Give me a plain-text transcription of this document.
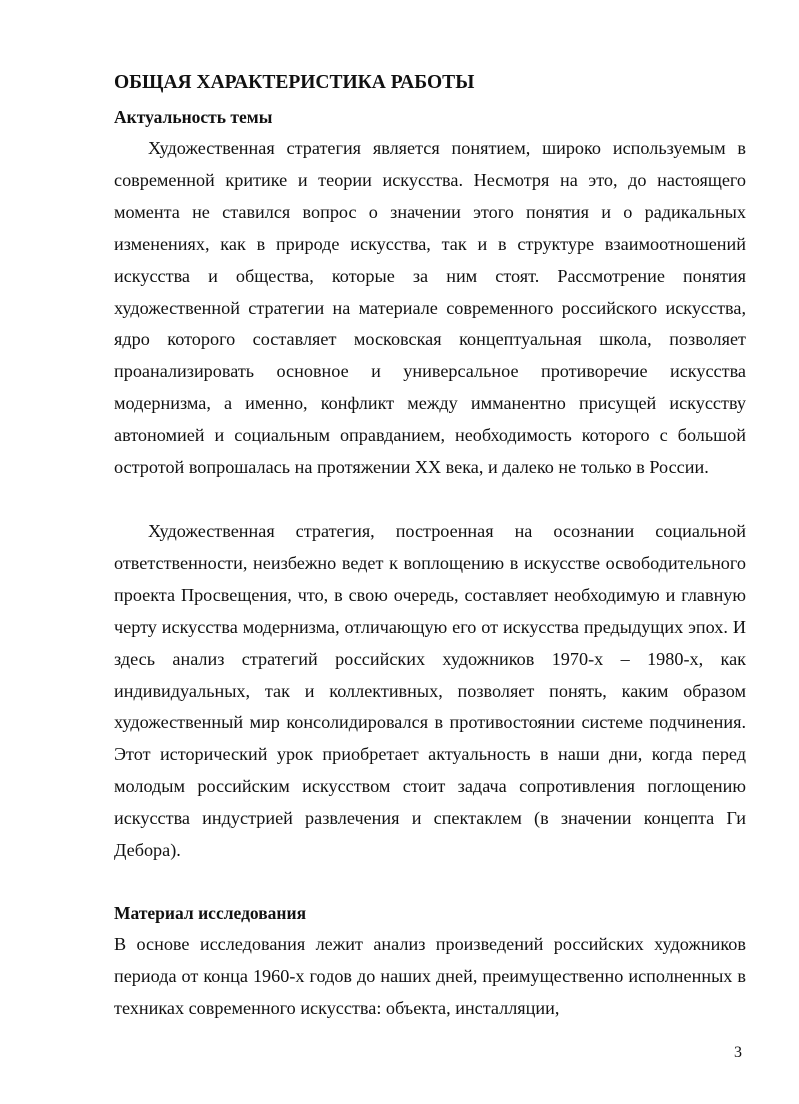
ОБЩАЯ ХАРАКТЕРИСТИКА РАБОТЫ
Актуальность темы

Художественная стратегия является понятием, широко используемым в современной критике и теории искусства. Несмотря на это, до настоящего момента не ставился вопрос о значении этого понятия и о радикальных изменениях, как в природе искусства, так и в структуре взаимоотношений искусства и общества, которые за ним стоят. Рассмотрение понятия художественной стратегии на материале современного российского искусства, ядро которого составляет московская концептуальная школа, позволяет проанализировать основное и универсальное противоречие искусства модернизма, а именно, конфликт между имманентно присущей искусству автономией и социальным оправданием, необходимость которого с большой остротой вопрошалась на протяжении XX века, и далеко не только в России.

Художественная стратегия, построенная на осознании социальной ответственности, неизбежно ведет к воплощению в искусстве освободительного проекта Просвещения, что, в свою очередь, составляет необходимую и главную черту искусства модернизма, отличающую его от искусства предыдущих эпох. И здесь анализ стратегий российских художников 1970-х – 1980-х, как индивидуальных, так и коллективных, позволяет понять, каким образом художественный мир консолидировался в противостоянии системе подчинения. Этот исторический урок приобретает актуальность в наши дни, когда перед молодым российским искусством стоит задача сопротивления поглощению искусства индустрией развлечения и спектаклем (в значении концепта Ги Дебора).

Материал исследования

В основе исследования лежит анализ произведений российских художников периода от конца 1960-х годов до наших дней, преимущественно исполненных в техниках современного искусства: объекта, инсталляции,

3
